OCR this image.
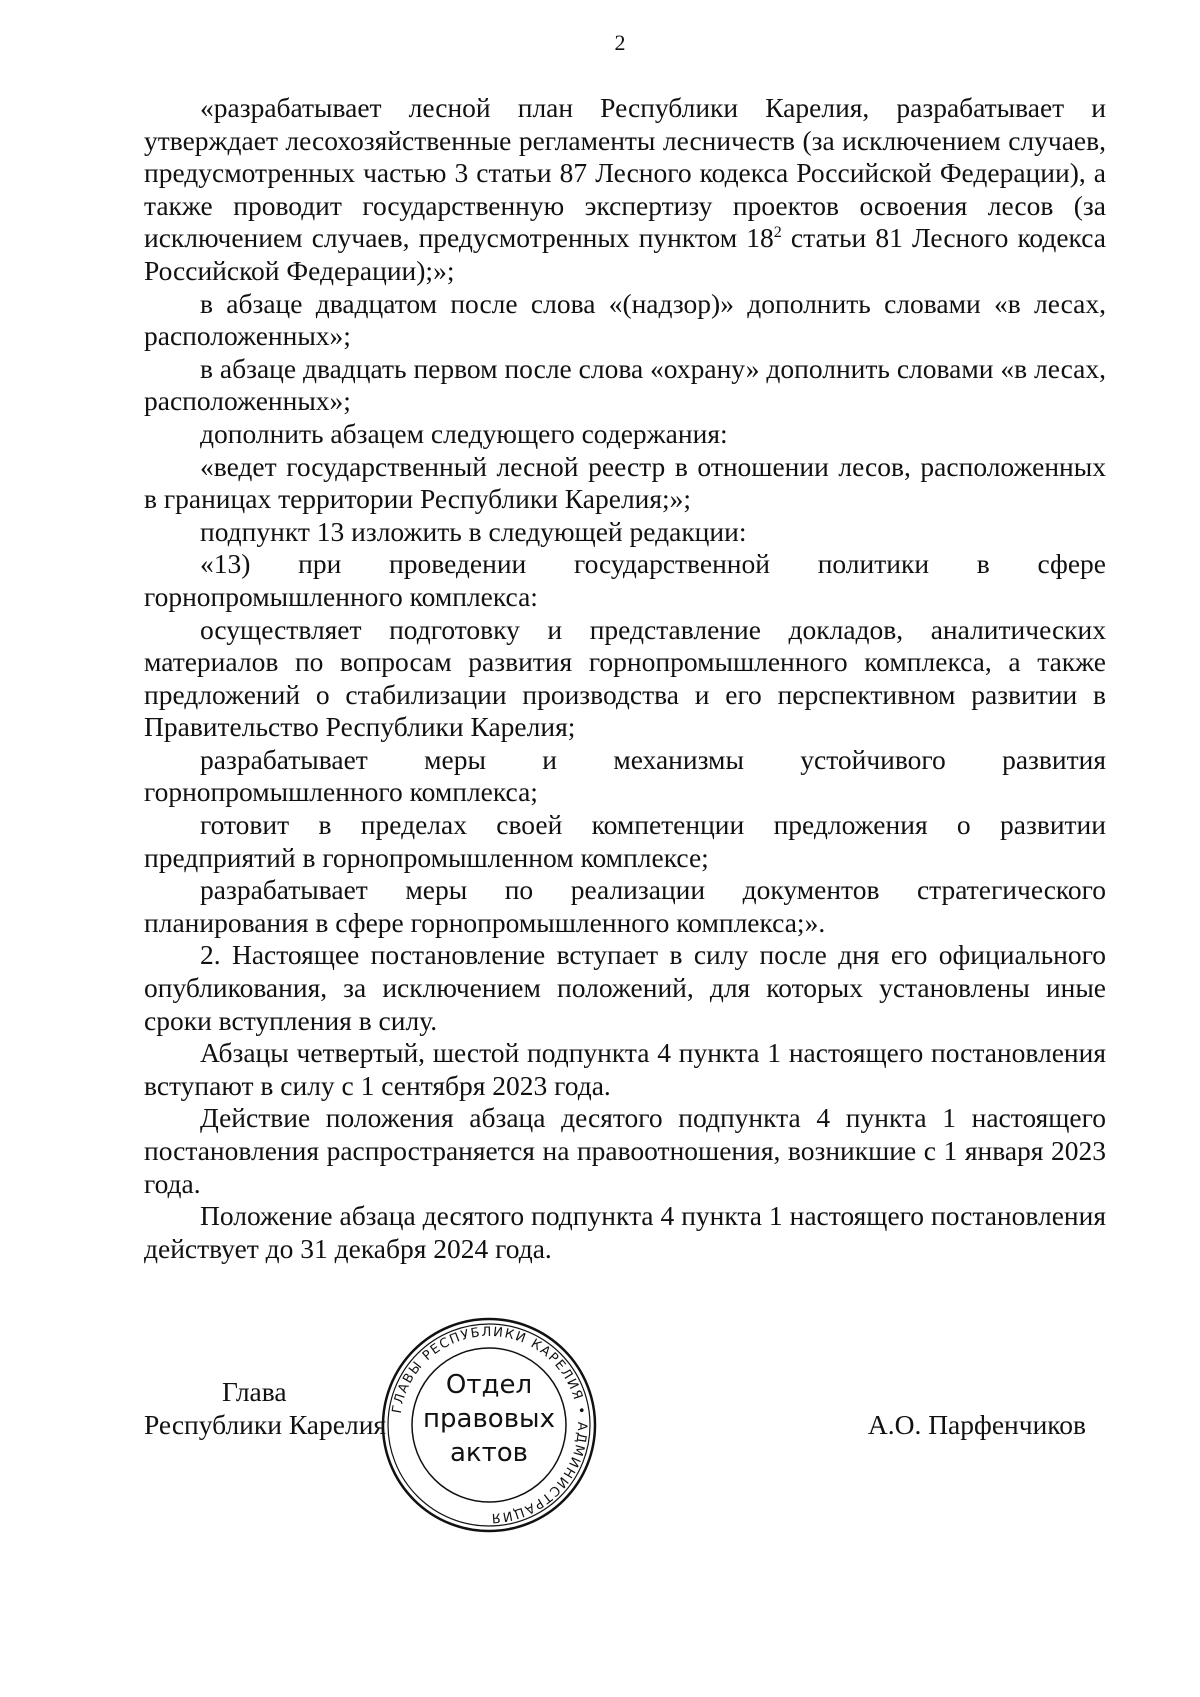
2

«разрабатывает лесной план Республики Карелия, разрабатывает и утверждает лесохозяйственные регламенты лесничеств (за исключением случаев, предусмотренных частью 3 статьи 87 Лесного кодекса Российской Федерации), а также проводит государственную экспертизу проектов освоения лесов (за исключением случаев, предусмотренных пунктом $18^2$ статьи 81 Лесного кодекса Российской Федерации);»;

в абзаце двадцатом после слова «(надзор)» дополнить словами «в лесах, расположенных»;

в абзаце двадцать первом после слова «охрану» дополнить словами «в лесах, расположенных»;

дополнить абзацем следующего содержания:

«ведет государственный лесной реестр в отношении лесов, расположенных в границах территории Республики Карелия;»;

подпункт 13 изложить в следующей редакции:

«13) при проведении государственной политики в сфере горнопромышленного комплекса:

осуществляет подготовку и представление докладов, аналитических материалов по вопросам развития горнопромышленного комплекса, а также предложений о стабилизации производства и его перспективном развитии в Правительство Республики Карелия;

разрабатывает меры и механизмы устойчивого развития горнопромышленного комплекса;

готовит в пределах своей компетенции предложения о развитии предприятий в горнопромышленном комплексе;

разрабатывает меры по реализации документов стратегического планирования в сфере горнопромышленного комплекса;».

2. Настоящее постановление вступает в силу после дня его официального опубликования, за исключением положений, для которых установлены иные сроки вступления в силу.

Абзацы четвертый, шестой подпункта 4 пункта 1 настоящего постановления вступают в силу с 1 сентября 2023 года.

Действие положения абзаца десятого подпункта 4 пункта 1 настоящего постановления распространяется на правоотношения, возникшие с 1 января 2023 года.

Положение абзаца десятого подпункта 4 пункта 1 настоящего постановления действует до 31 декабря 2024 года.

Глава
Республики Карелия	А.О. Парфенчиков
ГЛАВЫ РЕСПУБЛИКИ КАРЕЛИЯ • АДМИНИСТРАЦИЯ
Отдел
правовых
актов
